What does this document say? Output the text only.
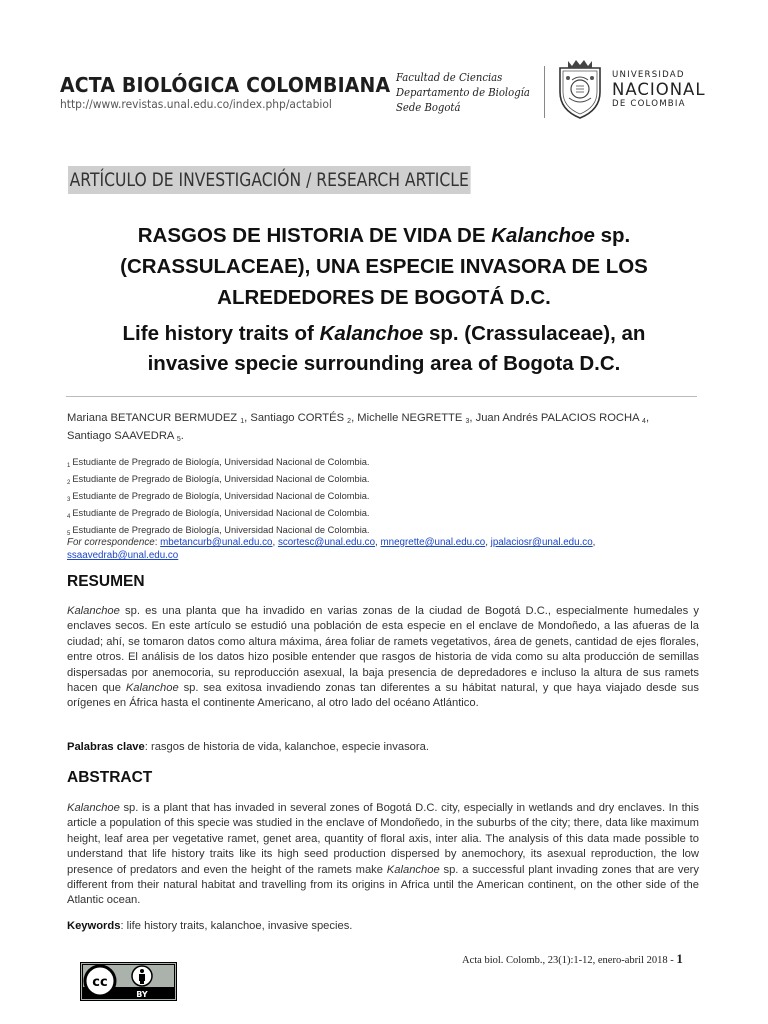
ACTA BIOLÓGICA COLOMBIANA
http://www.revistas.unal.edu.co/index.php/actabiol
Facultad de Ciencias
Departamento de Biología
Sede Bogotá
UNIVERSIDAD
NACIONAL
DE COLOMBIA
ARTÍCULO DE INVESTIGACIÓN / RESEARCH ARTICLE
RASGOS DE HISTORIA DE VIDA DE Kalanchoe sp.
(CRASSULACEAE), UNA ESPECIE INVASORA DE LOS
ALREDEDORES DE BOGOTÁ D.C.
Life history traits of Kalanchoe sp. (Crassulaceae), an
invasive specie surrounding area of Bogota D.C.
Mariana BETANCUR BERMUDEZ $_1$, Santiago CORTÉS $_2$, Michelle NEGRETTE $_3$, Juan Andrés PALACIOS ROCHA $_4$,
Santiago SAAVEDRA $_5$.
$_1$ Estudiante de Pregrado de Biología, Universidad Nacional de Colombia.
$_2$ Estudiante de Pregrado de Biología, Universidad Nacional de Colombia.
$_3$ Estudiante de Pregrado de Biología, Universidad Nacional de Colombia.
$_4$ Estudiante de Pregrado de Biología, Universidad Nacional de Colombia.
$_5$ Estudiante de Pregrado de Biología, Universidad Nacional de Colombia.
For correspondence: mbetancurb@unal.edu.co, scortesc@unal.edu.co, mnegrette@unal.edu.co, jpalaciosr@unal.edu.co,
ssaavedrab@unal.edu.co
RESUMEN
Kalanchoe sp. es una planta que ha invadido en varias zonas de la ciudad de Bogotá D.C., especialmente humedales y enclaves secos. En este artículo se estudió una población de esta especie en el enclave de Mondoñedo, a las afueras de la ciudad; ahí, se tomaron datos como altura máxima, área foliar de ramets vegetativos, área de genets, cantidad de ejes florales, entre otros. El análisis de los datos hizo posible entender que rasgos de historia de vida como su alta producción de semillas dispersadas por anemocoria, su reproducción asexual, la baja presencia de depredadores e incluso la altura de sus ramets hacen que Kalanchoe sp. sea exitosa invadiendo zonas tan diferentes a su hábitat natural, y que haya viajado desde sus orígenes en África hasta el continente Americano, al otro lado del océano Atlántico.
Palabras clave: rasgos de historia de vida, kalanchoe, especie invasora.
ABSTRACT
Kalanchoe sp. is a plant that has invaded in several zones of Bogotá D.C. city, especially in wetlands and dry enclaves. In this article a population of this specie was studied in the enclave of Mondoñedo, in the suburbs of the city; there, data like maximum height, leaf area per vegetative ramet, genet area, quantity of floral axis, inter alia. The analysis of this data made possible to understand that life history traits like its high seed production dispersed by anemochory, its asexual reproduction, the low presence of predators and even the height of the ramets make Kalanchoe sp. a successful plant invading zones that are very different from their natural habitat and travelling from its origins in Africa until the American continent, on the other side of the Atlantic ocean.
Keywords: life history traits, kalanchoe, invasive species.
Acta biol. Colomb., 23(1):1-12, enero-abril 2018 - 1
cc
BY
